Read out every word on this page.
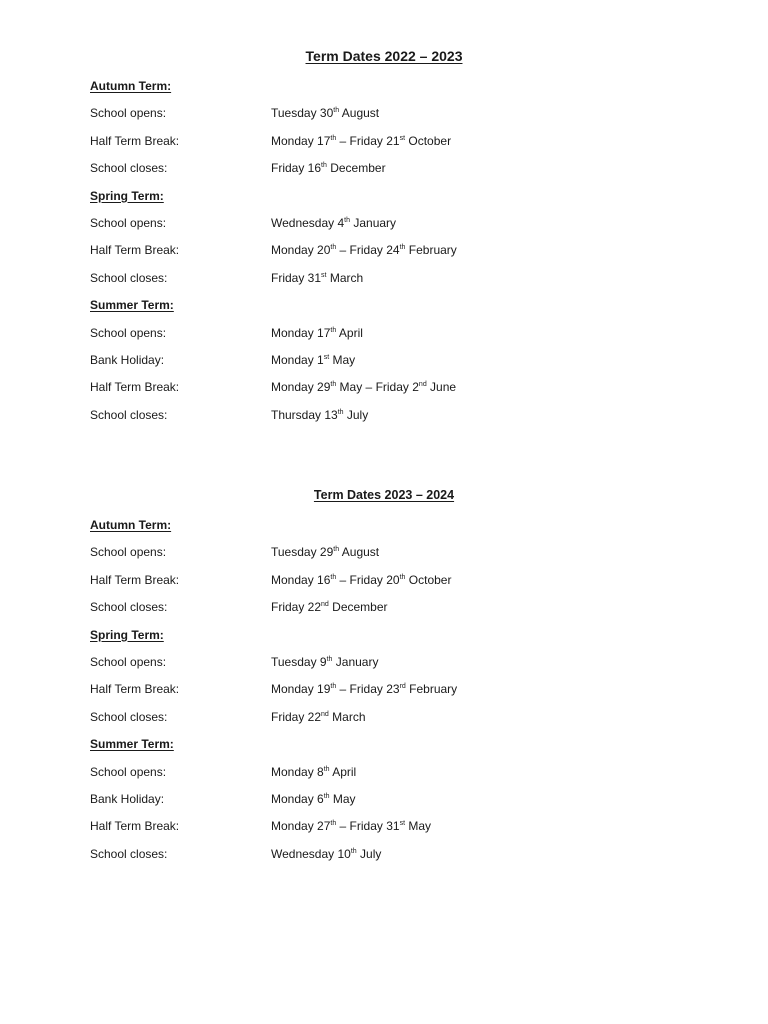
Term Dates 2022 – 2023
Autumn Term:
School opens:	Tuesday 30th August
Half Term Break:	Monday 17th – Friday 21st October
School closes:	Friday 16th December
Spring Term:
School opens:	Wednesday 4th January
Half Term Break:	Monday 20th – Friday 24th February
School closes:	Friday 31st March
Summer Term:
School opens:	Monday 17th April
Bank Holiday:	Monday 1st May
Half Term Break:	Monday 29th May – Friday 2nd June
School closes:	Thursday 13th July
Term Dates 2023 – 2024
Autumn Term:
School opens:	Tuesday 29th August
Half Term Break:	Monday 16th – Friday 20th October
School closes:	Friday 22nd December
Spring Term:
School opens:	Tuesday 9th January
Half Term Break:	Monday 19th – Friday 23rd February
School closes:	Friday 22nd March
Summer Term:
School opens:	Monday 8th April
Bank Holiday:	Monday 6th May
Half Term Break:	Monday 27th – Friday 31st May
School closes:	Wednesday 10th July
